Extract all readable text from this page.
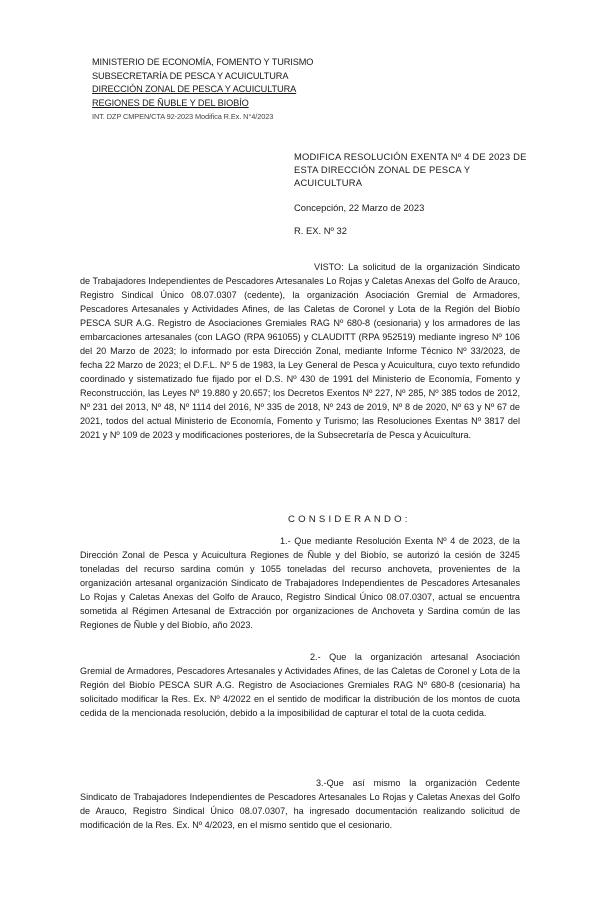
MINISTERIO DE ECONOMÍA, FOMENTO Y TURISMO
SUBSECRETARÍA DE PESCA Y ACUICULTURA
DIRECCIÓN ZONAL DE PESCA Y ACUICULTURA
REGIONES DE ÑUBLE Y DEL BIOBÍO
INT. DZP CMPEN/CTA 92-2023 Modifica R.Ex. N°4/2023
MODIFICA RESOLUCIÓN EXENTA Nº 4 DE 2023 DE ESTA DIRECCIÓN ZONAL DE PESCA Y ACUICULTURA
Concepción, 22 Marzo de 2023
R. EX. Nº 32

VISTO: La solicitud de la organización Sindicato de Trabajadores Independientes de Pescadores Artesanales Lo Rojas y Caletas Anexas del Golfo de Arauco, Registro Sindical Único 08.07.0307 (cedente), la organización Asociación Gremial de Armadores, Pescadores Artesanales y Actividades Afines, de las Caletas de Coronel y Lota de la Región del Biobío PESCA SUR A.G. Registro de Asociaciones Gremiales RAG Nº 680-8 (cesionaria) y los armadores de las embarcaciones artesanales (con LAGO (RPA 961055) y CLAUDITT (RPA 952519) mediante ingreso Nº 106 del 20 Marzo de 2023; lo informado por esta Dirección Zonal, mediante Informe Técnico Nº 33/2023, de fecha 22 Marzo de 2023; el D.F.L. Nº 5 de 1983, la Ley General de Pesca y Acuicultura, cuyo texto refundido coordinado y sistematizado fue fijado por el D.S. Nº 430 de 1991 del Ministerio de Economía, Fomento y Reconstrucción, las Leyes Nº 19.880 y 20.657; los Decretos Exentos Nº 227, Nº 285, Nº 385 todos de 2012, Nº 231 del 2013, Nº 48, Nº 1114 del 2016, Nº 335 de 2018, Nº 243 de 2019, Nº 8 de 2020, Nº 63 y Nº 67 de 2021, todos del actual Ministerio de Economía, Fomento y Turismo; las Resoluciones Exentas Nº 3817 del 2021 y Nº 109 de 2023 y modificaciones posteriores, de la Subsecretaría de Pesca y Acuicultura.

CONSIDERANDO:

1.- Que mediante Resolución Exenta Nº 4 de 2023, de la Dirección Zonal de Pesca y Acuicultura Regiones de Ñuble y del Biobío, se autorizó la cesión de 3245 toneladas del recurso sardina común y 1055 toneladas del recurso anchoveta, provenientes de la organización artesanal organización Sindicato de Trabajadores Independientes de Pescadores Artesanales Lo Rojas y Caletas Anexas del Golfo de Arauco, Registro Sindical Único 08.07.0307, actual se encuentra sometida al Régimen Artesanal de Extracción por organizaciones de Anchoveta y Sardina común de las Regiones de Ñuble y del Biobío, año 2023.

2.- Que la organización artesanal Asociación Gremial de Armadores, Pescadores Artesanales y Actividades Afines, de las Caletas de Coronel y Lota de la Región del Biobío PESCA SUR A.G. Registro de Asociaciones Gremiales RAG Nº 680-8 (cesionaria) ha solicitado modificar la Res. Ex. Nº 4/2022 en el sentido de modificar la distribución de los montos de cuota cedida de la mencionada resolución, debido a la imposibilidad de capturar el total de la cuota cedida.

3.-Que así mismo la organización Cedente Sindicato de Trabajadores Independientes de Pescadores Artesanales Lo Rojas y Caletas Anexas del Golfo de Arauco, Registro Sindical Único 08.07.0307, ha ingresado documentación realizando solicitud de modificación de la Res. Ex. Nº 4/2023, en el mismo sentido que el cesionario.
